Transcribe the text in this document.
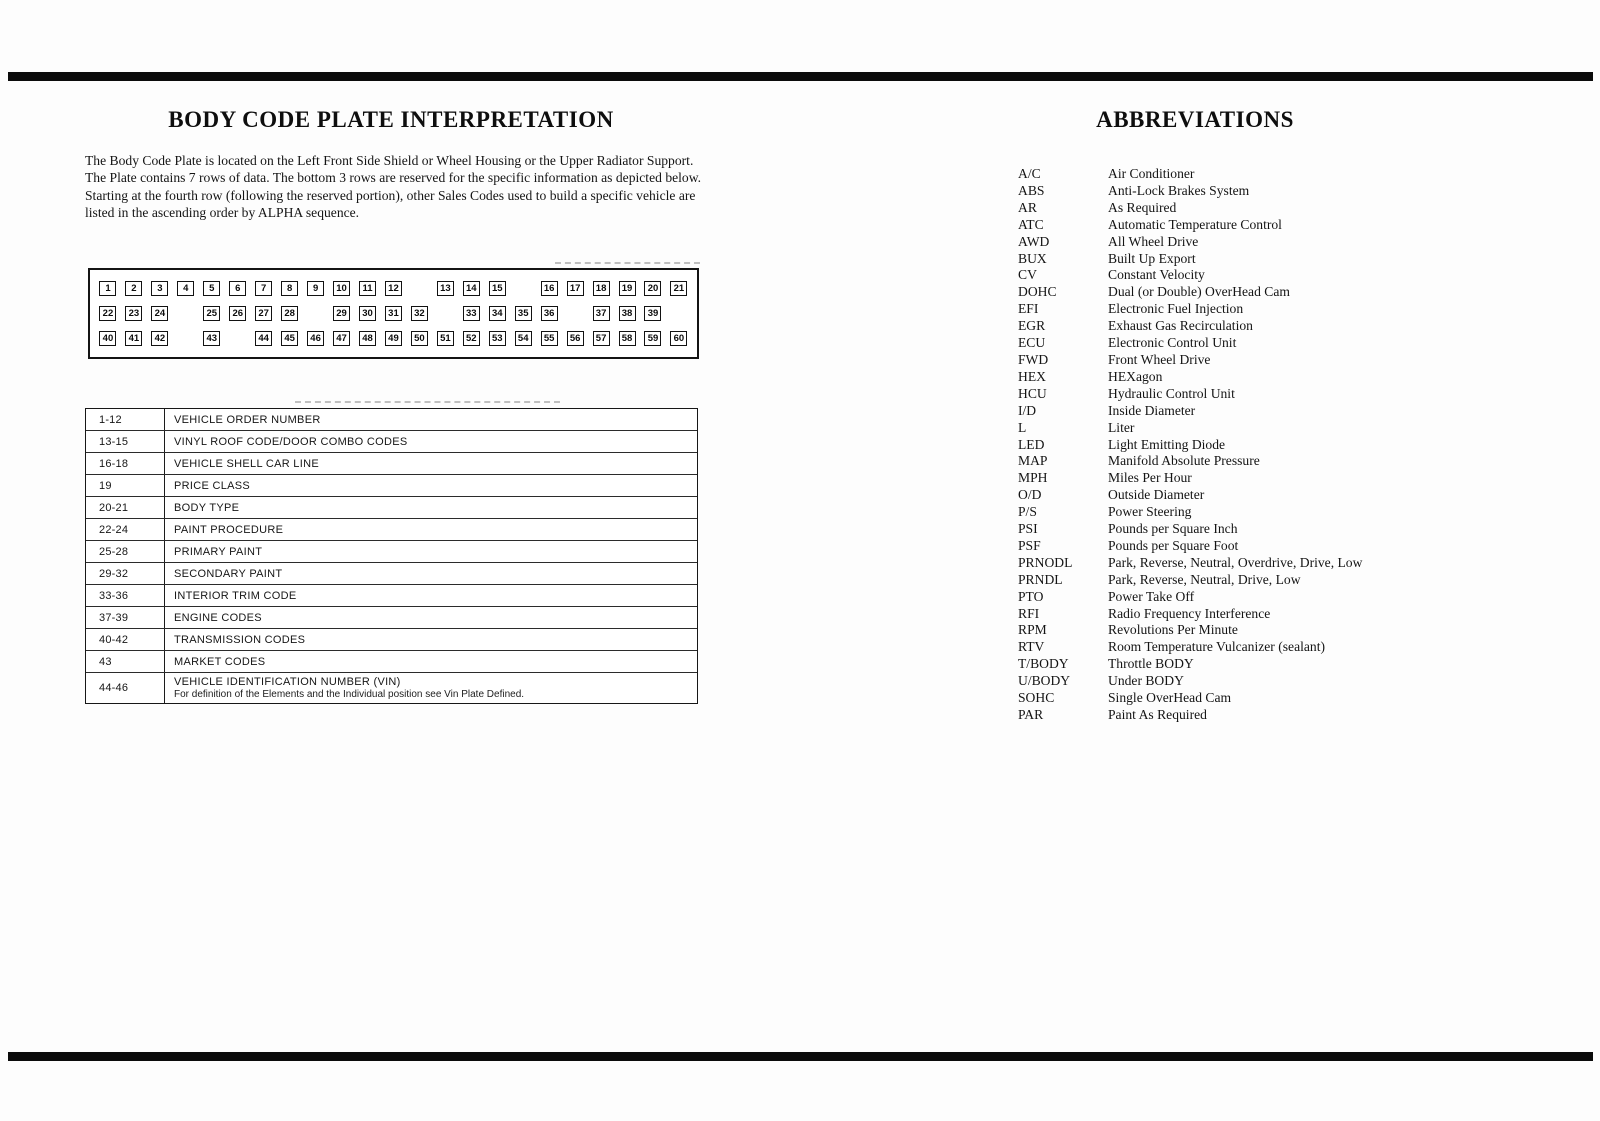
BODY CODE PLATE INTERPRETATION

The Body Code Plate is located on the Left Front Side Shield or Wheel Housing or the Upper Radiator Support. The Plate contains 7 rows of data. The bottom 3 rows are reserved for the specific information as depicted below. Starting at the fourth row (following the reserved portion), other Sales Codes used to build a specific vehicle are listed in the ascending order by ALPHA sequence.

1	2	3	4	5	6	7	8	9	10	11	12	13	14	15	16	17	18	19	20	21
22	23	24	25	26	27	28	29	30	31	32	33	34	35	36	37	38	39
40	41	42	43	44	45	46	47	48	49	50	51	52	53	54	55	56	57	58	59	60
1-12	VEHICLE ORDER NUMBER
13-15	VINYL ROOF CODE/DOOR COMBO CODES
16-18	VEHICLE SHELL CAR LINE
19	PRICE CLASS
20-21	BODY TYPE
22-24	PAINT PROCEDURE
25-28	PRIMARY PAINT
29-32	SECONDARY PAINT
33-36	INTERIOR TRIM CODE
37-39	ENGINE CODES
40-42	TRANSMISSION CODES
43	MARKET CODES
44-46	VEHICLE IDENTIFICATION NUMBER (VIN)
For definition of the Elements and the Individual position see Vin Plate Defined.
ABBREVIATIONS
A/C	Air Conditioner
ABS	Anti-Lock Brakes System
AR	As Required
ATC	Automatic Temperature Control
AWD	All Wheel Drive
BUX	Built Up Export
CV	Constant Velocity
DOHC	Dual (or Double) OverHead Cam
EFI	Electronic Fuel Injection
EGR	Exhaust Gas Recirculation
ECU	Electronic Control Unit
FWD	Front Wheel Drive
HEX	HEXagon
HCU	Hydraulic Control Unit
I/D	Inside Diameter
L	Liter
LED	Light Emitting Diode
MAP	Manifold Absolute Pressure
MPH	Miles Per Hour
O/D	Outside Diameter
P/S	Power Steering
PSI	Pounds per Square Inch
PSF	Pounds per Square Foot
PRNODL	Park, Reverse, Neutral, Overdrive, Drive, Low
PRNDL	Park, Reverse, Neutral, Drive, Low
PTO	Power Take Off
RFI	Radio Frequency Interference
RPM	Revolutions Per Minute
RTV	Room Temperature Vulcanizer (sealant)
T/BODY	Throttle BODY
U/BODY	Under BODY
SOHC	Single OverHead Cam
PAR	Paint As Required
